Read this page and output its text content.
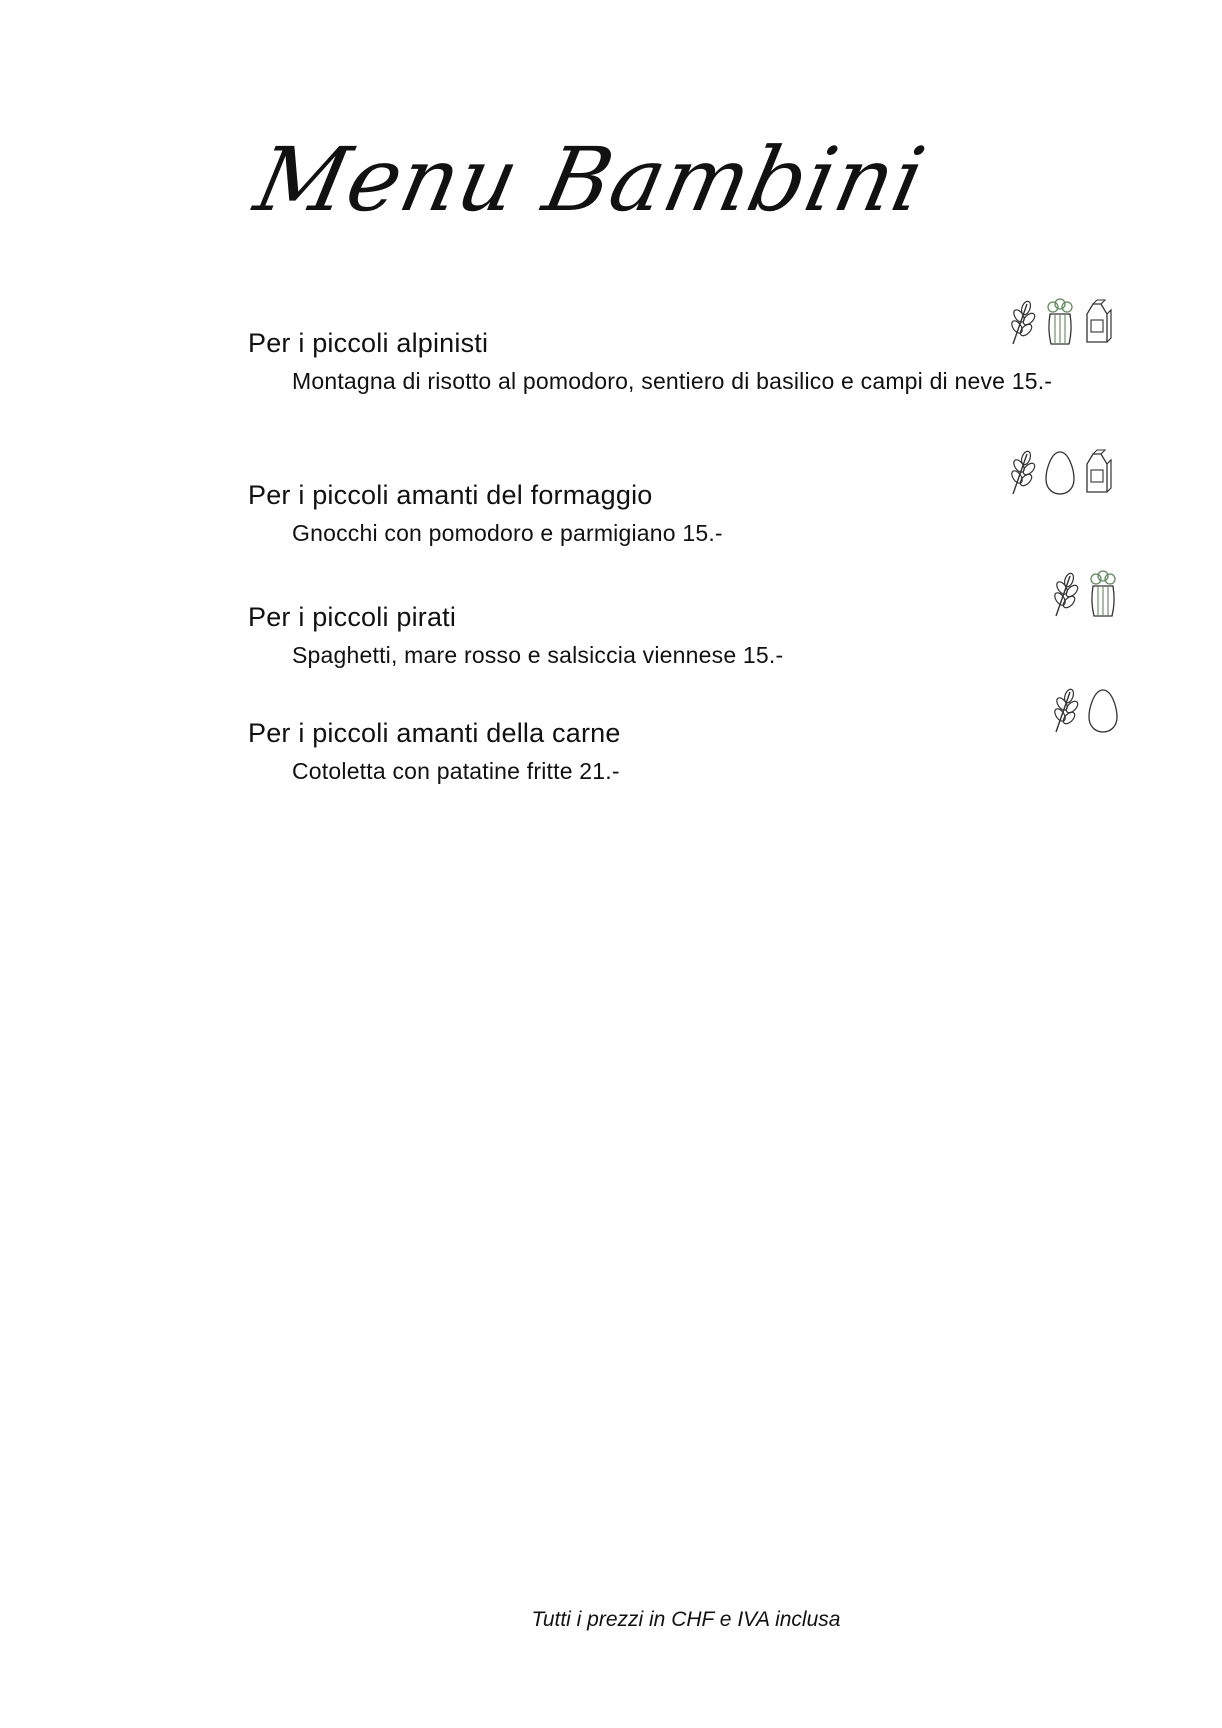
Menu Bambini
Per i piccoli alpinisti
Montagna di risotto al pomodoro, sentiero di basilico e campi di neve 15.-
Per i piccoli amanti del formaggio
Gnocchi con pomodoro e parmigiano 15.-
Per i piccoli pirati
Spaghetti, mare rosso e salsiccia viennese 15.-
Per i piccoli amanti della carne
Cotoletta con patatine fritte 21.-
Tutti i prezzi in CHF e IVA inclusa
